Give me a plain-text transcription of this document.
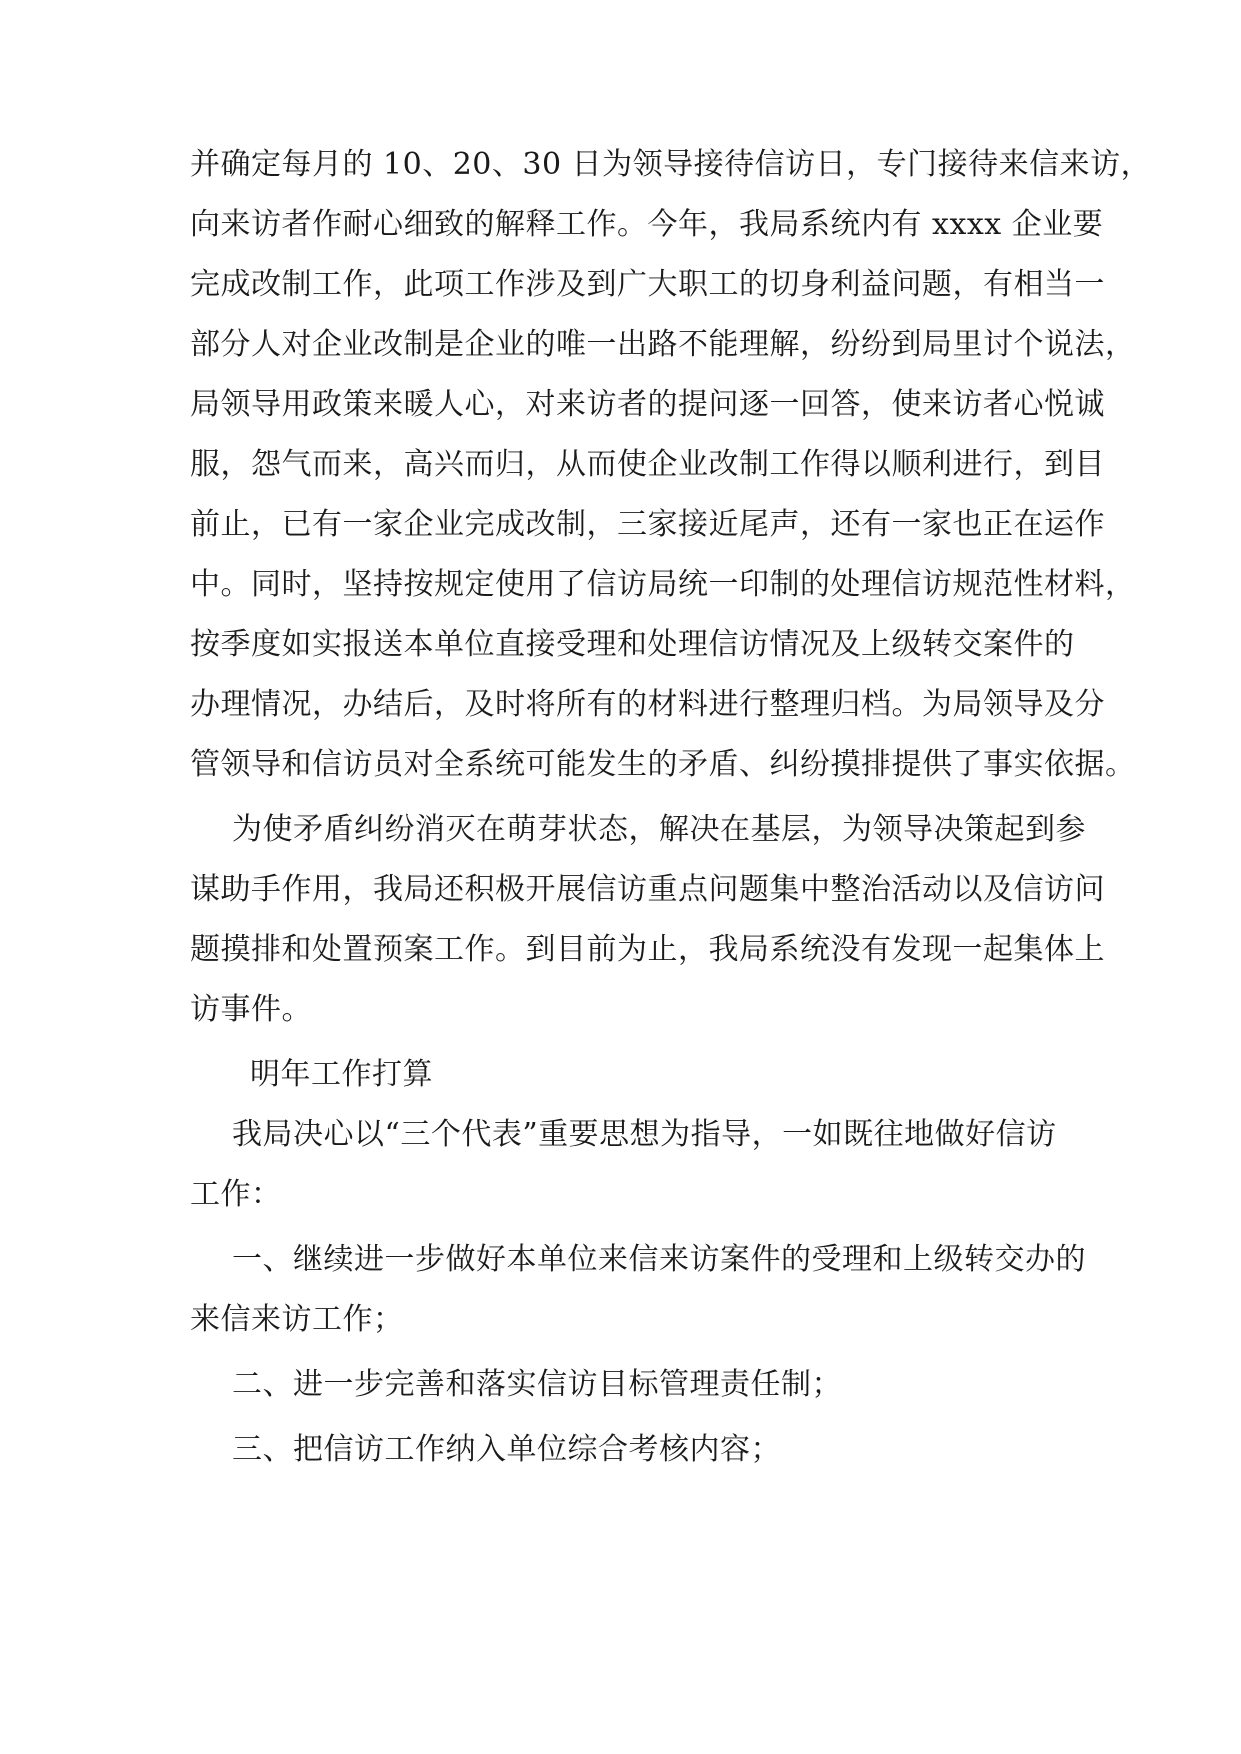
并确定每月的 10、20、30 日为领导接待信访日，专门接待来信来访，
向来访者作耐心细致的解释工作。今年，我局系统内有 xxxx 企业要
完成改制工作，此项工作涉及到广大职工的切身利益问题，有相当一
部分人对企业改制是企业的唯一出路不能理解，纷纷到局里讨个说法，
局领导用政策来暖人心，对来访者的提问逐一回答，使来访者心悦诚
服，怨气而来，高兴而归，从而使企业改制工作得以顺利进行，到目
前止，已有一家企业完成改制，三家接近尾声，还有一家也正在运作
中。同时，坚持按规定使用了信访局统一印制的处理信访规范性材料，
按季度如实报送本单位直接受理和处理信访情况及上级转交案件的
办理情况，办结后，及时将所有的材料进行整理归档。为局领导及分
管领导和信访员对全系统可能发生的矛盾、纠纷摸排提供了事实依据。
为使矛盾纠纷消灭在萌芽状态，解决在基层，为领导决策起到参
谋助手作用，我局还积极开展信访重点问题集中整治活动以及信访问
题摸排和处置预案工作。到目前为止，我局系统没有发现一起集体上
访事件。
明年工作打算
我局决心以“三个代表”重要思想为指导，一如既往地做好信访
工作：
一、继续进一步做好本单位来信来访案件的受理和上级转交办的
来信来访工作；
二、进一步完善和落实信访目标管理责任制；
三、把信访工作纳入单位综合考核内容；
